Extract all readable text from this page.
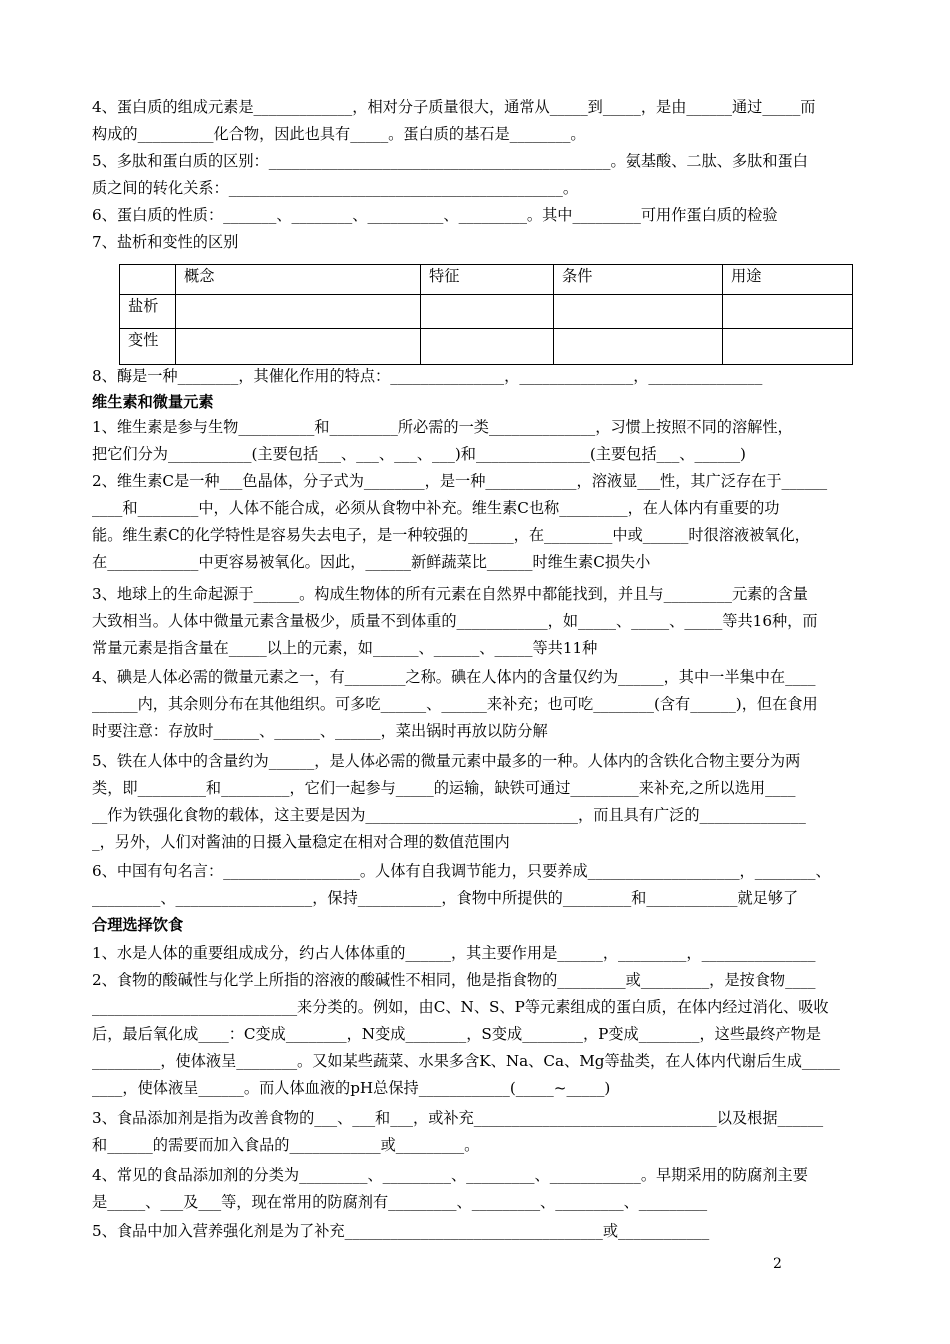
4、蛋白质的组成元素是_____________，相对分子质量很大，通常从_____到_____，是由______通过_____而
构成的__________化合物，因此也具有_____。蛋白质的基石是________。
5、多肽和蛋白质的区别：_____________________________________________。氨基酸、二肽、多肽和蛋白
质之间的转化关系：____________________________________________。
6、蛋白质的性质：_______、________、__________、_________。其中_________可用作蛋白质的检验
7、盐析和变性的区别
	概念	特征	条件	用途
盐析				
变性				
8、酶是一种________，其催化作用的特点：_______________，_______________，_______________
维生素和微量元素
1、维生素是参与生物__________和_________所必需的一类______________，习惯上按照不同的溶解性，
把它们分为___________(主要包括___、___、___、___)和_______________(主要包括___、______)
2、维生素C是一种___色晶体，分子式为________，是一种____________，溶液显___性，其广泛存在于______
____和________中，人体不能合成，必须从食物中补充。维生素C也称_________，在人体内有重要的功
能。维生素C的化学特性是容易失去电子，是一种较强的______，在_________中或______时很溶液被氧化，
在____________中更容易被氧化。因此，______新鲜蔬菜比______时维生素C损失小
3、地球上的生命起源于______。构成生物体的所有元素在自然界中都能找到，并且与_________元素的含量
大致相当。人体中微量元素含量极少，质量不到体重的____________，如_____、_____、_____等共16种，而
常量元素是指含量在_____以上的元素，如______、______、_____等共11种
4、碘是人体必需的微量元素之一，有________之称。碘在人体内的含量仅约为______，其中一半集中在____
______内，其余则分布在其他组织。可多吃______、______来补充；也可吃________(含有______)，但在食用
时要注意：存放时______、______、______，菜出锅时再放以防分解
5、铁在人体中的含量约为______，是人体必需的微量元素中最多的一种。人体内的含铁化合物主要分为两
类，即_________和_________，它们一起参与_____的运输，缺铁可通过_________来补充,之所以选用____
__作为铁强化食物的载体，这主要是因为____________________________，而且具有广泛的______________
_，另外，人们对酱油的日摄入量稳定在相对合理的数值范围内
6、中国有句名言：__________________。人体有自我调节能力，只要养成____________________，________、
_________、__________________，保持___________，食物中所提供的_________和____________就足够了
合理选择饮食
1、水是人体的重要组成成分，约占人体体重的______，其主要作用是______，_________，_______________
2、食物的酸碱性与化学上所指的溶液的酸碱性不相同，他是指食物的_________或_________，是按食物____
___________________________来分类的。例如，由C、N、S、P等元素组成的蛋白质，在体内经过消化、吸收
后，最后氧化成____：C变成________，N变成________，S变成________，P变成________，这些最终产物是
_________，使体液呈________。又如某些蔬菜、水果多含K、Na、Ca、Mg等盐类，在人体内代谢后生成_____
____，使体液呈______。而人体血液的pH总保持____________(_____~_____)
3、食品添加剂是指为改善食物的___、___和___，或补充________________________________以及根据______
和______的需要而加入食品的____________或_________。
4、常见的食品添加剂的分类为_________、_________、_________、____________。早期采用的防腐剂主要
是_____、___及___等，现在常用的防腐剂有_________、_________、_________、_________
5、食品中加入营养强化剂是为了补充__________________________________或____________
2
